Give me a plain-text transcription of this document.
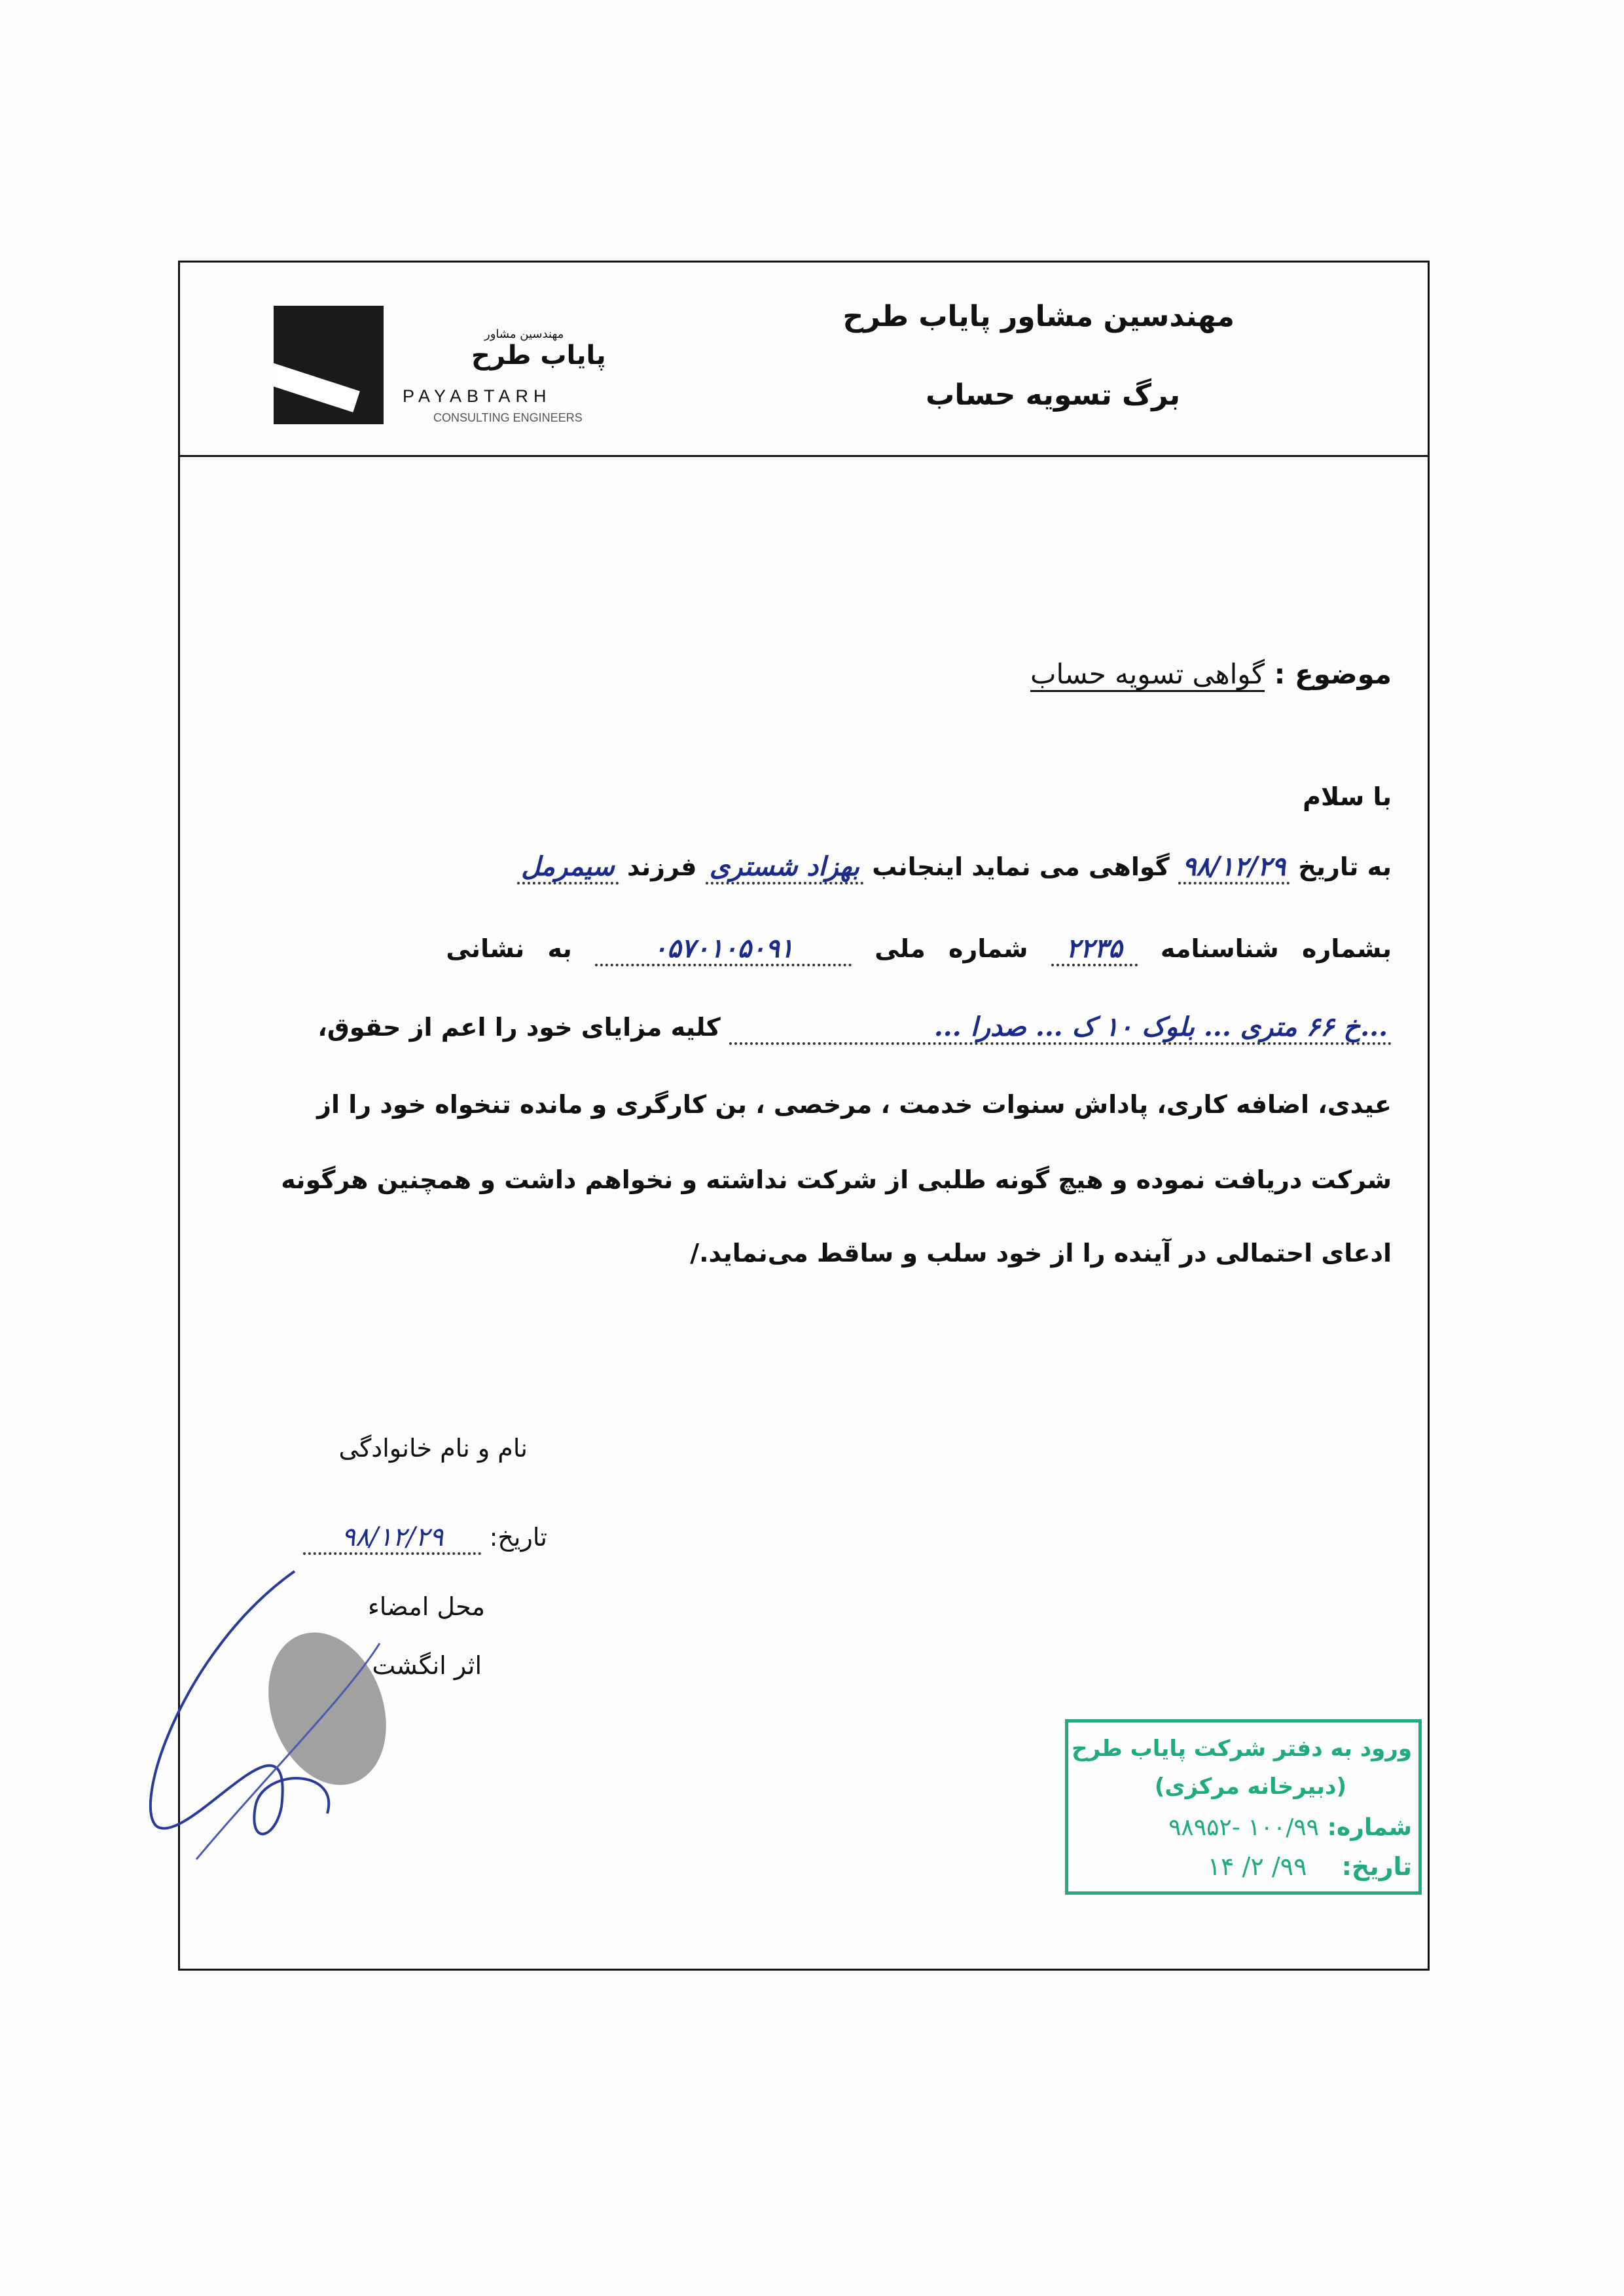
مهندسین مشاور
پایاب طرح
PAYABTARH
CONSULTING ENGINEERS
مهندسین مشاور پایاب طرح
برگ تسویه حساب
موضوع : گواهی تسویه حساب
با سلام
به تاریخ ۹۸/۱۲/۲۹ گواهی می نماید اینجانب بهزاد شستری فرزند سیمرمل
بشماره شناسنامه ۲۲۳۵ شماره ملی ۰۵۷۰۱۰۵۰۹۱ به نشانی
...خ ۶۶ متری ... بلوک ۱۰ ک ... صدرا ... کلیه مزایای خود را اعم از حقوق،
عیدی، اضافه کاری، پاداش سنوات خدمت ، مرخصی ، بن کارگری و مانده تنخواه خود را از
شرکت دریافت نموده و هیچ گونه طلبی از شرکت نداشته و نخواهم داشت و همچنین هرگونه
ادعای احتمالی در آینده را از خود سلب و ساقط می‌نماید./
نام و نام خانوادگی
تاریخ: ۹۸/۱۲/۲۹
محل امضاء
اثر انگشت
ورود به دفتر شرکت پایاب طرح
(دبیرخانه مرکزی)
شماره: ۱۰۰/۹۹ -۹۸۹۵۲
تاریخ: ۹۹/ ۲/ ۱۴
